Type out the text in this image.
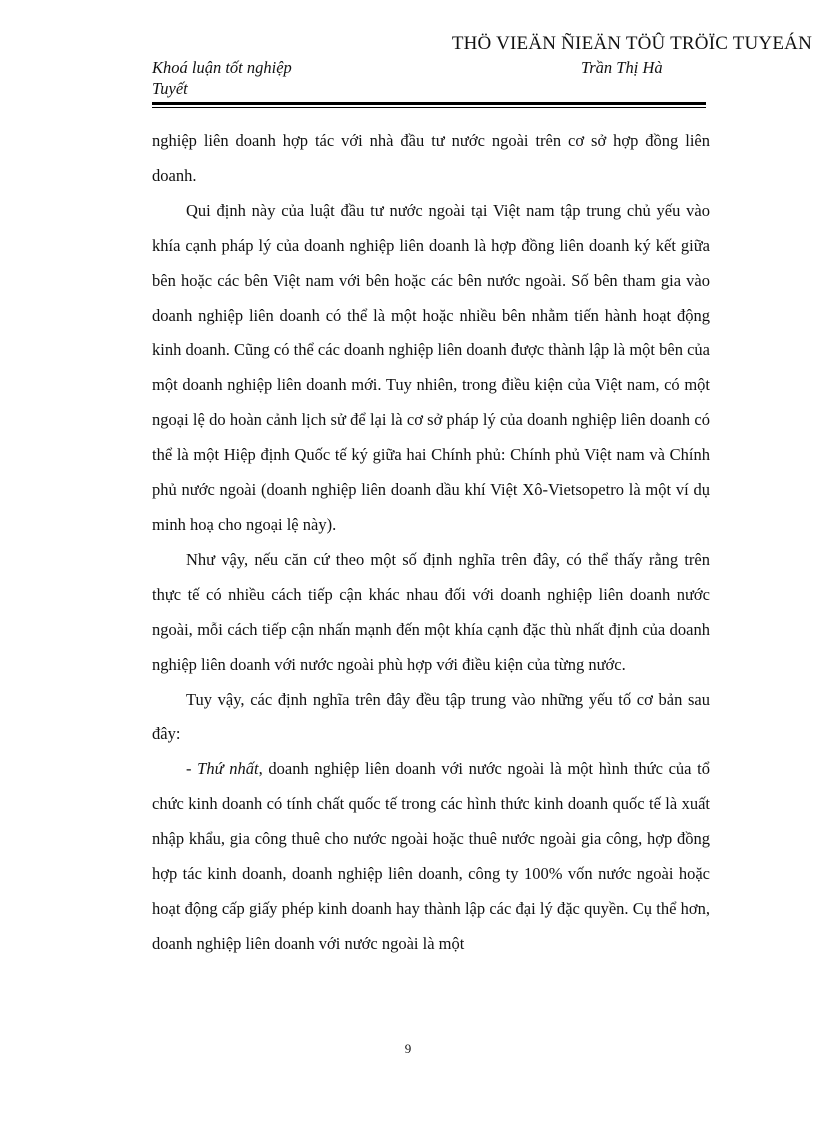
THÖ VIEÄN ÑIEÄN TÖÛ TRÖÏC TUYEÁN
Khoá luận tốt nghiệp	Trần Thị Hà
Tuyết

nghiệp liên doanh hợp tác với nhà đầu tư nước ngoài trên cơ sở hợp đồng liên doanh.

Qui định này của luật đầu tư nước ngoài tại Việt nam tập trung chủ yếu vào khía cạnh pháp lý của doanh nghiệp liên doanh là hợp đồng liên doanh ký kết giữa bên hoặc các bên Việt nam với bên hoặc các bên nước ngoài. Số bên tham gia vào doanh nghiệp liên doanh có thể là một hoặc nhiều bên nhằm tiến hành hoạt động kinh doanh. Cũng có thể các doanh nghiệp liên doanh được thành lập là một bên của một doanh nghiệp liên doanh mới. Tuy nhiên, trong điều kiện của Việt nam, có một ngoại lệ do hoàn cảnh lịch sử để lại là cơ sở pháp lý của doanh nghiệp liên doanh có thể là một Hiệp định Quốc tế ký giữa hai Chính phủ: Chính phủ Việt nam và Chính phủ nước ngoài (doanh nghiệp liên doanh dầu khí Việt Xô-Vietsopetro là một ví dụ minh hoạ cho ngoại lệ này).

Như vậy, nếu căn cứ theo một số định nghĩa trên đây, có thể thấy rằng trên thực tế có nhiều cách tiếp cận khác nhau đối với doanh nghiệp liên doanh nước ngoài, mỗi cách tiếp cận nhấn mạnh đến một khía cạnh đặc thù nhất định của doanh nghiệp liên doanh với nước ngoài phù hợp với điều kiện của từng nước.

Tuy vậy, các định nghĩa trên đây đều tập trung vào những yếu tố cơ bản sau đây:

- Thứ nhất, doanh nghiệp liên doanh với nước ngoài là một hình thức của tổ chức kinh doanh có tính chất quốc tế trong các hình thức kinh doanh quốc tế là xuất nhập khẩu, gia công thuê cho nước ngoài hoặc thuê nước ngoài gia công, hợp đồng hợp tác kinh doanh, doanh nghiệp liên doanh, công ty 100% vốn nước ngoài hoặc hoạt động cấp giấy phép kinh doanh hay thành lập các đại lý đặc quyền. Cụ thể hơn, doanh nghiệp liên doanh với nước ngoài là một

9
